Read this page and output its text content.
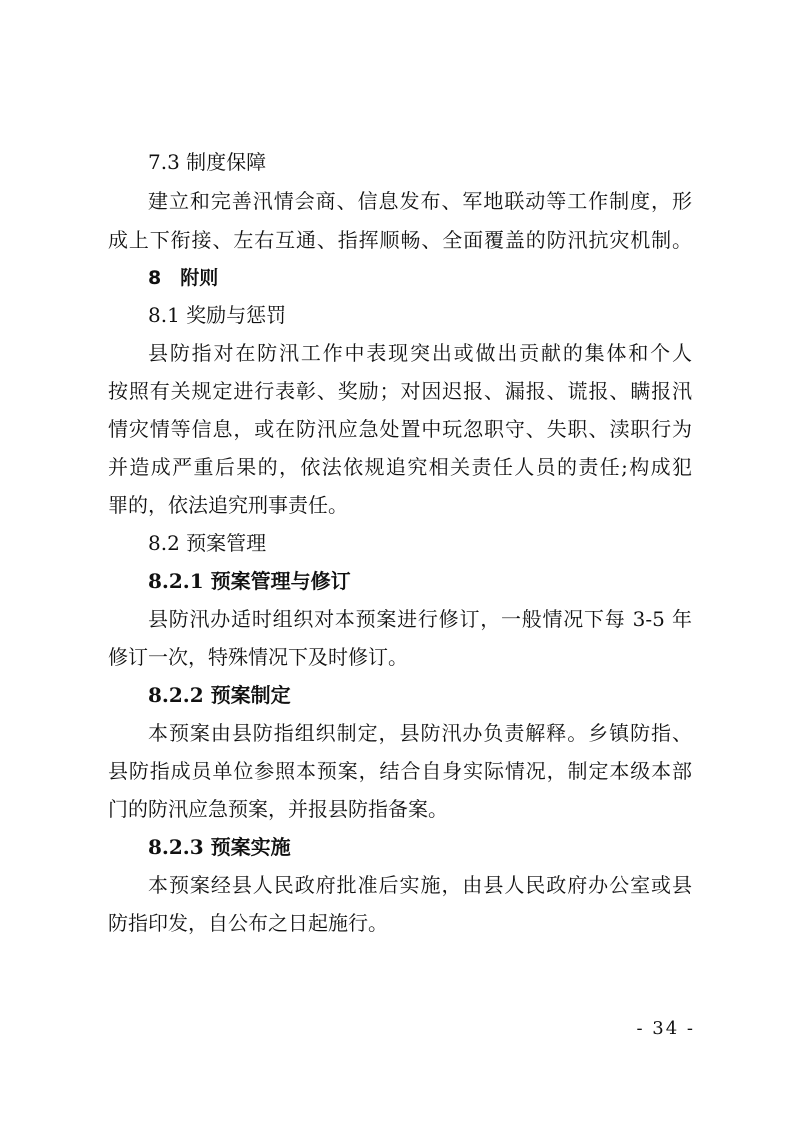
7.3 制度保障
建立和完善汛情会商、信息发布、军地联动等工作制度，形
成上下衔接、左右互通、指挥顺畅、全面覆盖的防汛抗灾机制。
8　附则
8.1 奖励与惩罚
县防指对在防汛工作中表现突出或做出贡献的集体和个人
按照有关规定进行表彰、奖励；对因迟报、漏报、谎报、瞒报汛
情灾情等信息，或在防汛应急处置中玩忽职守、失职、渎职行为
并造成严重后果的，依法依规追究相关责任人员的责任;构成犯
罪的，依法追究刑事责任。
8.2 预案管理
8.2.1 预案管理与修订
县防汛办适时组织对本预案进行修订，一般情况下每 3-5 年
修订一次，特殊情况下及时修订。
8.2.2 预案制定
本预案由县防指组织制定，县防汛办负责解释。乡镇防指、
县防指成员单位参照本预案，结合自身实际情况，制定本级本部
门的防汛应急预案，并报县防指备案。
8.2.3 预案实施
本预案经县人民政府批准后实施，由县人民政府办公室或县
防指印发，自公布之日起施行。
- 34 -
